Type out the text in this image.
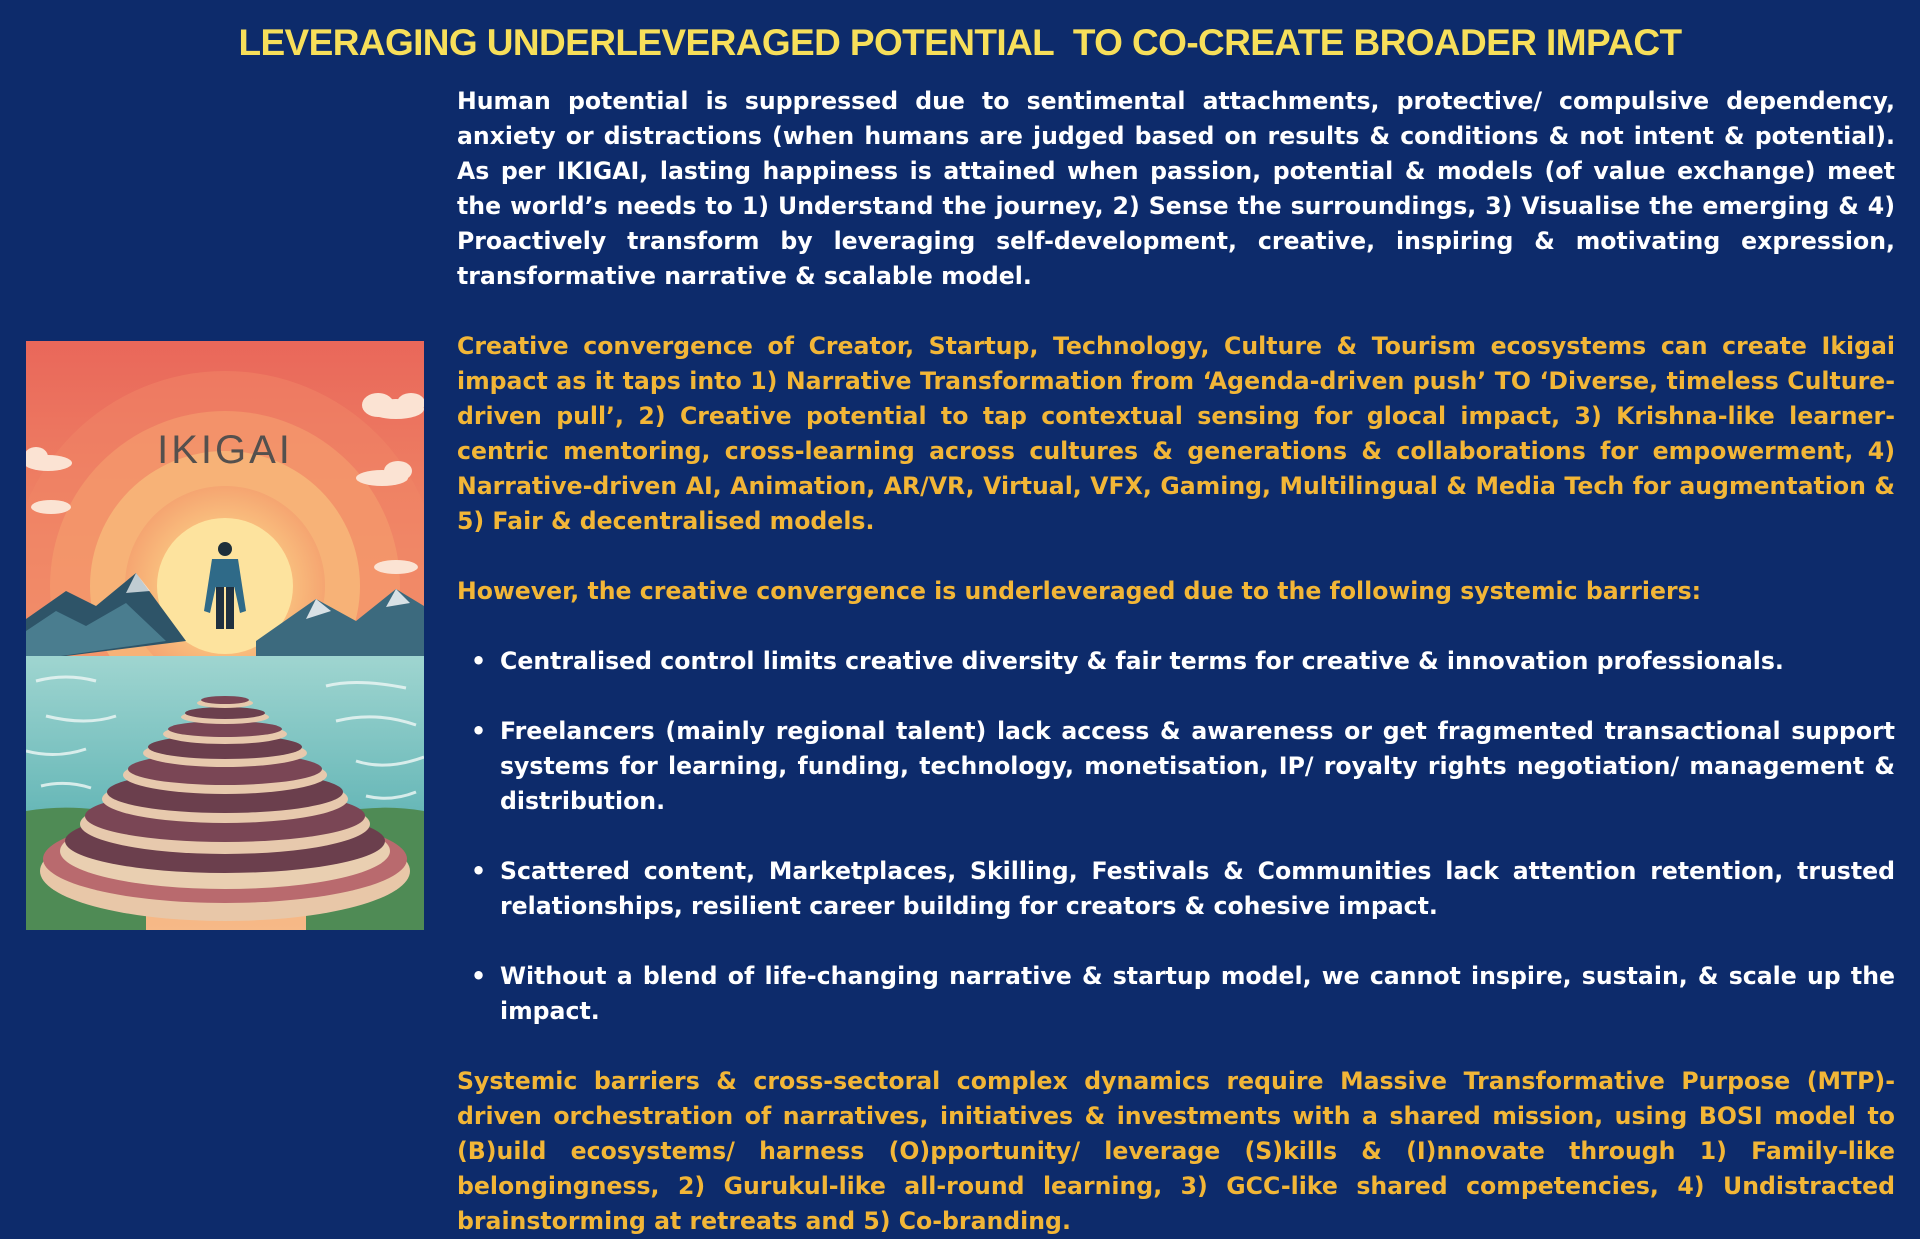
LEVERAGING UNDERLEVERAGED POTENTIAL  TO CO-CREATE BROADER IMPACT
IKIGAI

Human potential is suppressed due to sentimental attachments, protective/ compulsive dependency, anxiety or distractions (when humans are judged based on results & conditions & not intent & potential). As per IKIGAI, lasting happiness is attained when passion, potential & models (of value exchange) meet the world’s needs to 1) Understand the journey, 2) Sense the surroundings, 3) Visualise the emerging & 4) Proactively transform by leveraging self-development, creative, inspiring & motivating expression, transformative narrative & scalable model.

Creative convergence of Creator, Startup, Technology, Culture & Tourism ecosystems can create Ikigai impact as it taps into 1) Narrative Transformation from ‘Agenda-driven push’ TO ‘Diverse, timeless Culture-driven pull’, 2) Creative potential to tap contextual sensing for glocal impact, 3) Krishna-like learner-centric mentoring, cross-learning across cultures & generations & collaborations for empowerment, 4) Narrative-driven AI, Animation, AR/VR, Virtual, VFX, Gaming, Multilingual & Media Tech for augmentation & 5) Fair & decentralised models.

However, the creative convergence is underleveraged due to the following systemic barriers:

• Centralised control limits creative diversity & fair terms for creative & innovation professionals.
• Freelancers (mainly regional talent) lack access & awareness or get fragmented transactional support systems for learning, funding, technology, monetisation, IP/ royalty rights negotiation/ management & distribution.
• Scattered content, Marketplaces, Skilling, Festivals & Communities lack attention retention, trusted relationships, resilient career building for creators & cohesive impact.
• Without a blend of life-changing narrative & startup model, we cannot inspire, sustain, & scale up the impact.

Systemic barriers & cross-sectoral complex dynamics require Massive Transformative Purpose (MTP)-driven orchestration of narratives, initiatives & investments with a shared mission, using BOSI model to (B)uild ecosystems/ harness (O)pportunity/ leverage (S)kills & (I)nnovate through 1) Family-like belongingness, 2) Gurukul-like all-round learning, 3) GCC-like shared competencies, 4) Undistracted brainstorming at retreats and 5) Co-branding.
